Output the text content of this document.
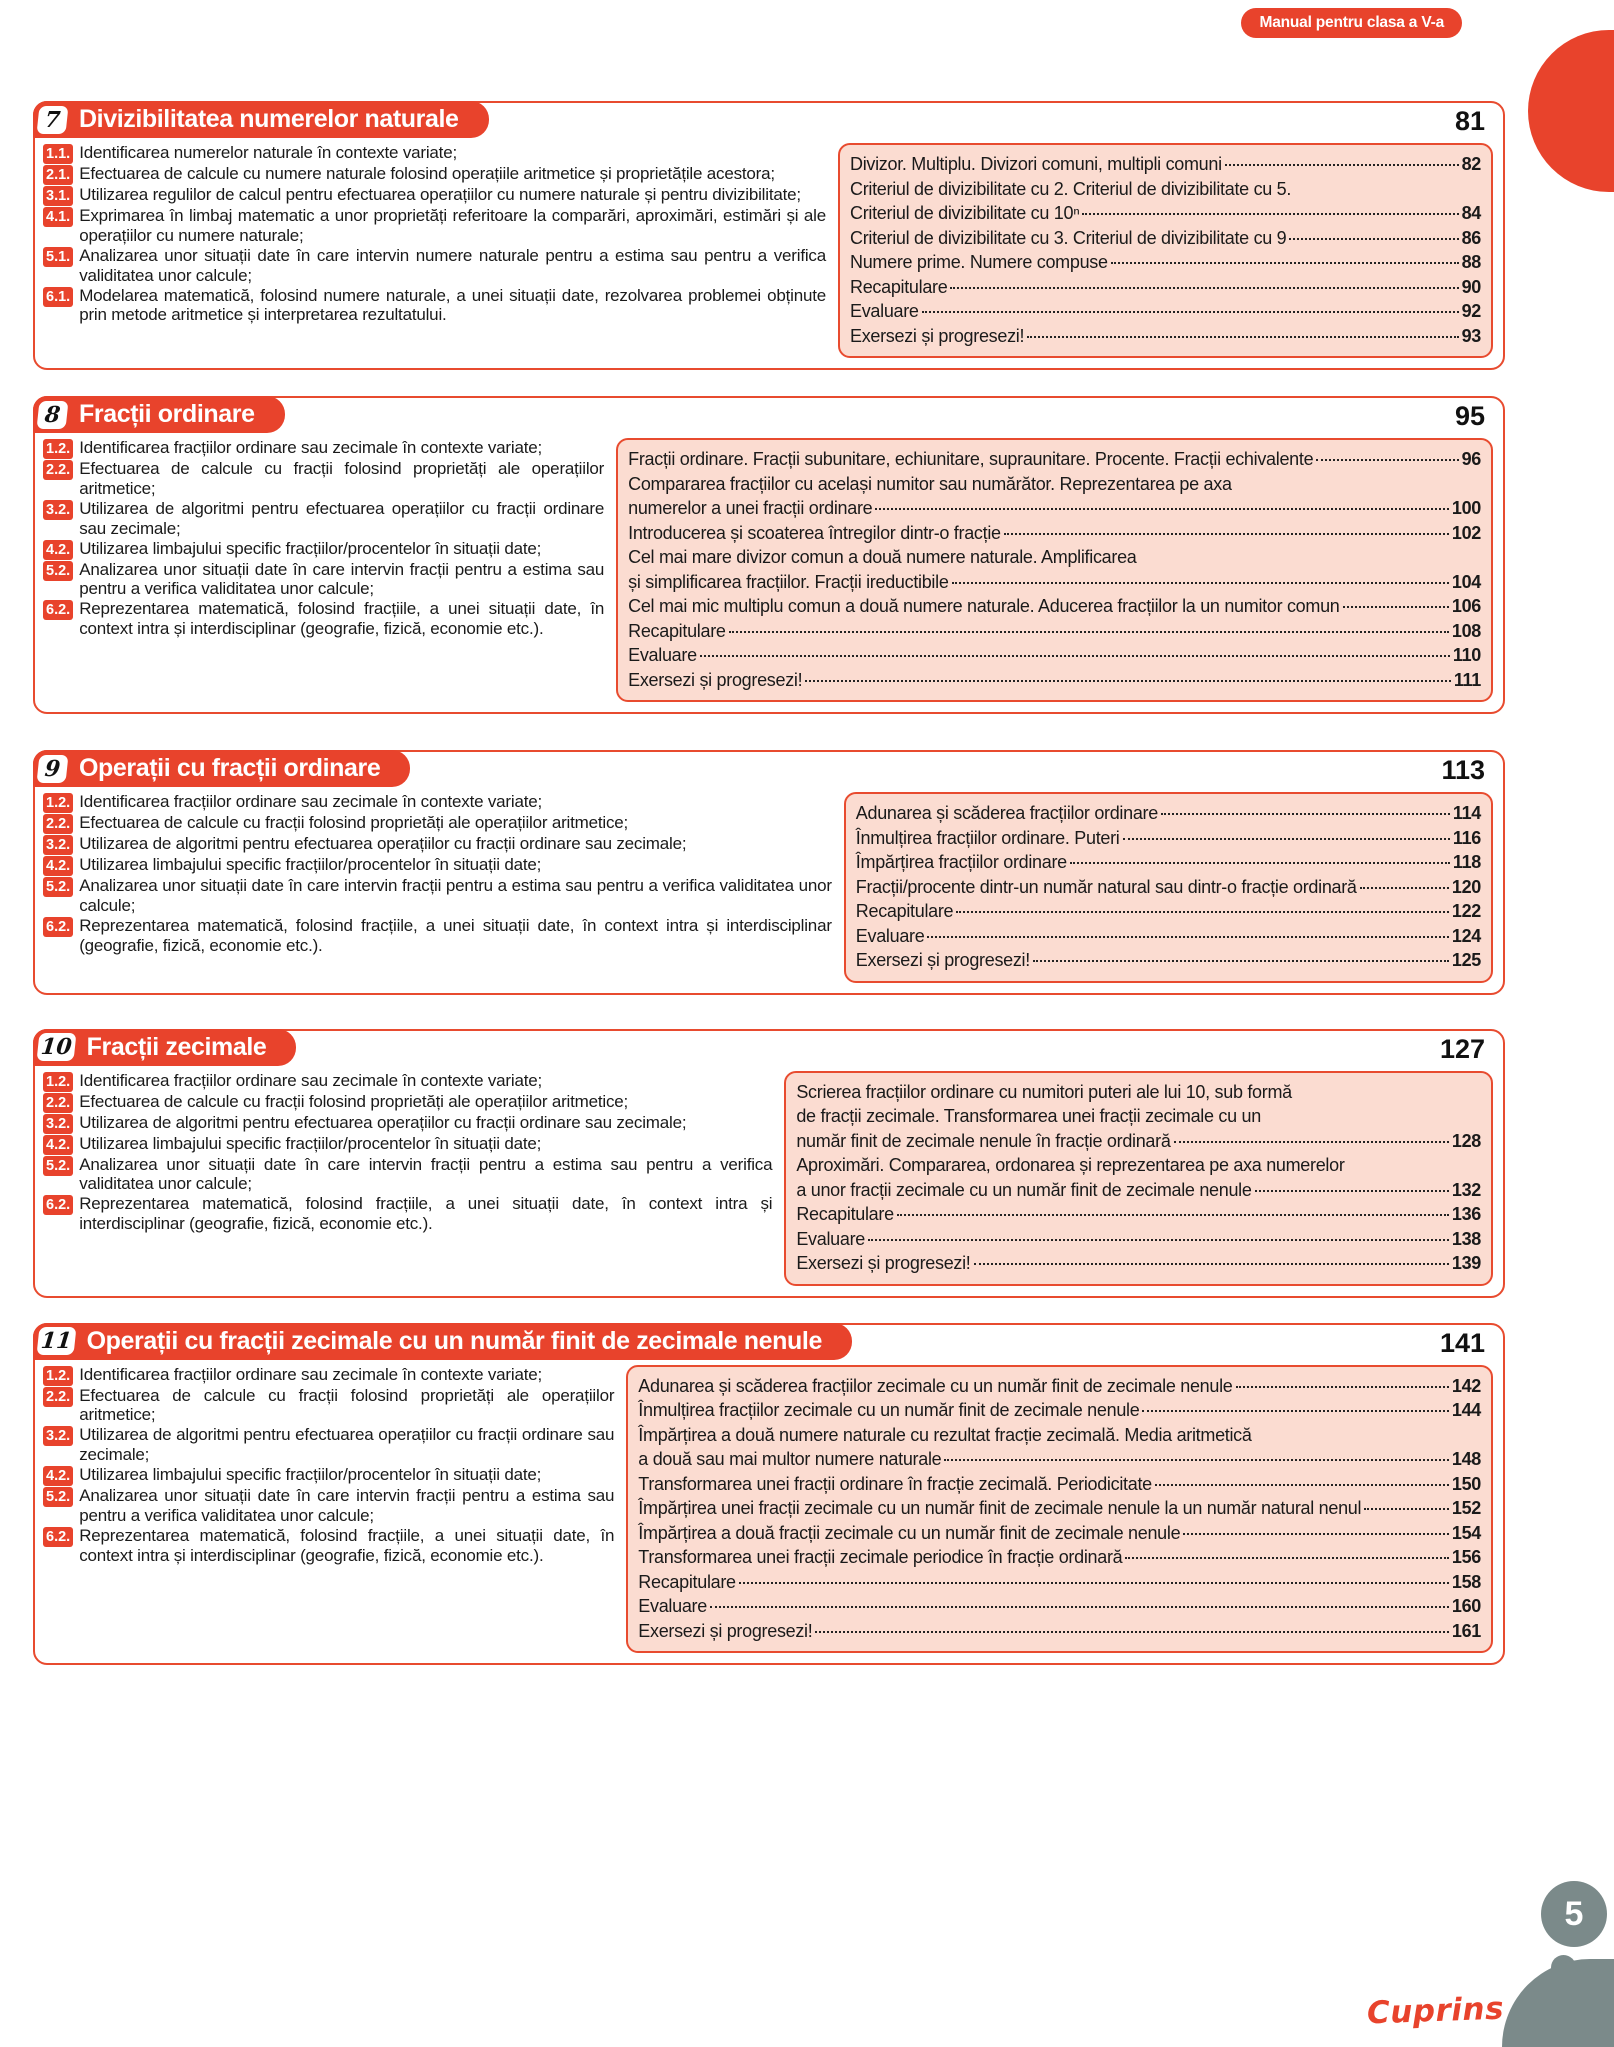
Manual pentru clasa a V-a
7 Divizibilitatea numerelor naturale	81
1.1. Identificarea numerelor naturale în contexte variate;
2.1. Efectuarea de calcule cu numere naturale folosind operațiile aritmetice și proprietățile acestora;
3.1. Utilizarea regulilor de calcul pentru efectuarea operațiilor cu numere naturale și pentru divizibilitate;
4.1. Exprimarea în limbaj matematic a unor proprietăți referitoare la comparări, aproximări, estimări și ale operațiilor cu numere naturale;
5.1. Analizarea unor situații date în care intervin numere naturale pentru a estima sau pentru a verifica validitatea unor calcule;
6.1. Modelarea matematică, folosind numere naturale, a unei situații date, rezolvarea problemei obținute prin metode aritmetice și interpretarea rezultatului.
Divizor. Multiplu. Divizori comuni, multipli comuni	82
Criteriul de divizibilitate cu 2. Criteriul de divizibilitate cu 5.
Criteriul de divizibilitate cu 10ⁿ	84
Criteriul de divizibilitate cu 3. Criteriul de divizibilitate cu 9	86
Numere prime. Numere compuse	88
Recapitulare	90
Evaluare	92
Exersezi și progresezi!	93
8 Fracții ordinare	95
1.2. Identificarea fracțiilor ordinare sau zecimale în contexte variate;
2.2. Efectuarea de calcule cu fracții folosind proprietăți ale operațiilor aritmetice;
3.2. Utilizarea de algoritmi pentru efectuarea operațiilor cu fracții ordinare sau zecimale;
4.2. Utilizarea limbajului specific fracțiilor/procentelor în situații date;
5.2. Analizarea unor situații date în care intervin fracții pentru a estima sau pentru a verifica validitatea unor calcule;
6.2. Reprezentarea matematică, folosind fracțiile, a unei situații date, în context intra și interdisciplinar (geografie, fizică, economie etc.).
Fracții ordinare. Fracții subunitare, echiunitare, supraunitare. Procente. Fracții echivalente	96
Compararea fracțiilor cu același numitor sau numărător. Reprezentarea pe axa
numerelor a unei fracții ordinare	100
Introducerea și scoaterea întregilor dintr-o fracție	102
Cel mai mare divizor comun a două numere naturale. Amplificarea
și simplificarea fracțiilor. Fracții ireductibile	104
Cel mai mic multiplu comun a două numere naturale. Aducerea fracțiilor la un numitor comun	106
Recapitulare	108
Evaluare	110
Exersezi și progresezi!	111
9 Operații cu fracții ordinare	113
1.2. Identificarea fracțiilor ordinare sau zecimale în contexte variate;
2.2. Efectuarea de calcule cu fracții folosind proprietăți ale operațiilor aritmetice;
3.2. Utilizarea de algoritmi pentru efectuarea operațiilor cu fracții ordinare sau zecimale;
4.2. Utilizarea limbajului specific fracțiilor/procentelor în situații date;
5.2. Analizarea unor situații date în care intervin fracții pentru a estima sau pentru a verifica validitatea unor calcule;
6.2. Reprezentarea matematică, folosind fracțiile, a unei situații date, în context intra și interdisciplinar (geografie, fizică, economie etc.).
Adunarea și scăderea fracțiilor ordinare	114
Înmulțirea fracțiilor ordinare. Puteri	116
Împărțirea fracțiilor ordinare	118
Fracții/procente dintr-un număr natural sau dintr-o fracție ordinară	120
Recapitulare	122
Evaluare	124
Exersezi și progresezi!	125
10 Fracții zecimale	127
1.2. Identificarea fracțiilor ordinare sau zecimale în contexte variate;
2.2. Efectuarea de calcule cu fracții folosind proprietăți ale operațiilor aritmetice;
3.2. Utilizarea de algoritmi pentru efectuarea operațiilor cu fracții ordinare sau zecimale;
4.2. Utilizarea limbajului specific fracțiilor/procentelor în situații date;
5.2. Analizarea unor situații date în care intervin fracții pentru a estima sau pentru a verifica validitatea unor calcule;
6.2. Reprezentarea matematică, folosind fracțiile, a unei situații date, în context intra și interdisciplinar (geografie, fizică, economie etc.).
Scrierea fracțiilor ordinare cu numitori puteri ale lui 10, sub formă
de fracții zecimale. Transformarea unei fracții zecimale cu un
număr finit de zecimale nenule în fracție ordinară	128
Aproximări. Compararea, ordonarea și reprezentarea pe axa numerelor
a unor fracții zecimale cu un număr finit de zecimale nenule	132
Recapitulare	136
Evaluare	138
Exersezi și progresezi!	139
11 Operații cu fracții zecimale cu un număr finit de zecimale nenule	141
1.2. Identificarea fracțiilor ordinare sau zecimale în contexte variate;
2.2. Efectuarea de calcule cu fracții folosind proprietăți ale operațiilor aritmetice;
3.2. Utilizarea de algoritmi pentru efectuarea operațiilor cu fracții ordinare sau zecimale;
4.2. Utilizarea limbajului specific fracțiilor/procentelor în situații date;
5.2. Analizarea unor situații date în care intervin fracții pentru a estima sau pentru a verifica validitatea unor calcule;
6.2. Reprezentarea matematică, folosind fracțiile, a unei situații date, în context intra și interdisciplinar (geografie, fizică, economie etc.).
Adunarea și scăderea fracțiilor zecimale cu un număr finit de zecimale nenule	142
Înmulțirea fracțiilor zecimale cu un număr finit de zecimale nenule	144
Împărțirea a două numere naturale cu rezultat fracție zecimală. Media aritmetică
a două sau mai multor numere naturale	148
Transformarea unei fracții ordinare în fracție zecimală. Periodicitate	150
Împărțirea unei fracții zecimale cu un număr finit de zecimale nenule la un număr natural nenul	152
Împărțirea a două fracții zecimale cu un număr finit de zecimale nenule	154
Transformarea unei fracții zecimale periodice în fracție ordinară	156
Recapitulare	158
Evaluare	160
Exersezi și progresezi!	161
5
Cuprins
